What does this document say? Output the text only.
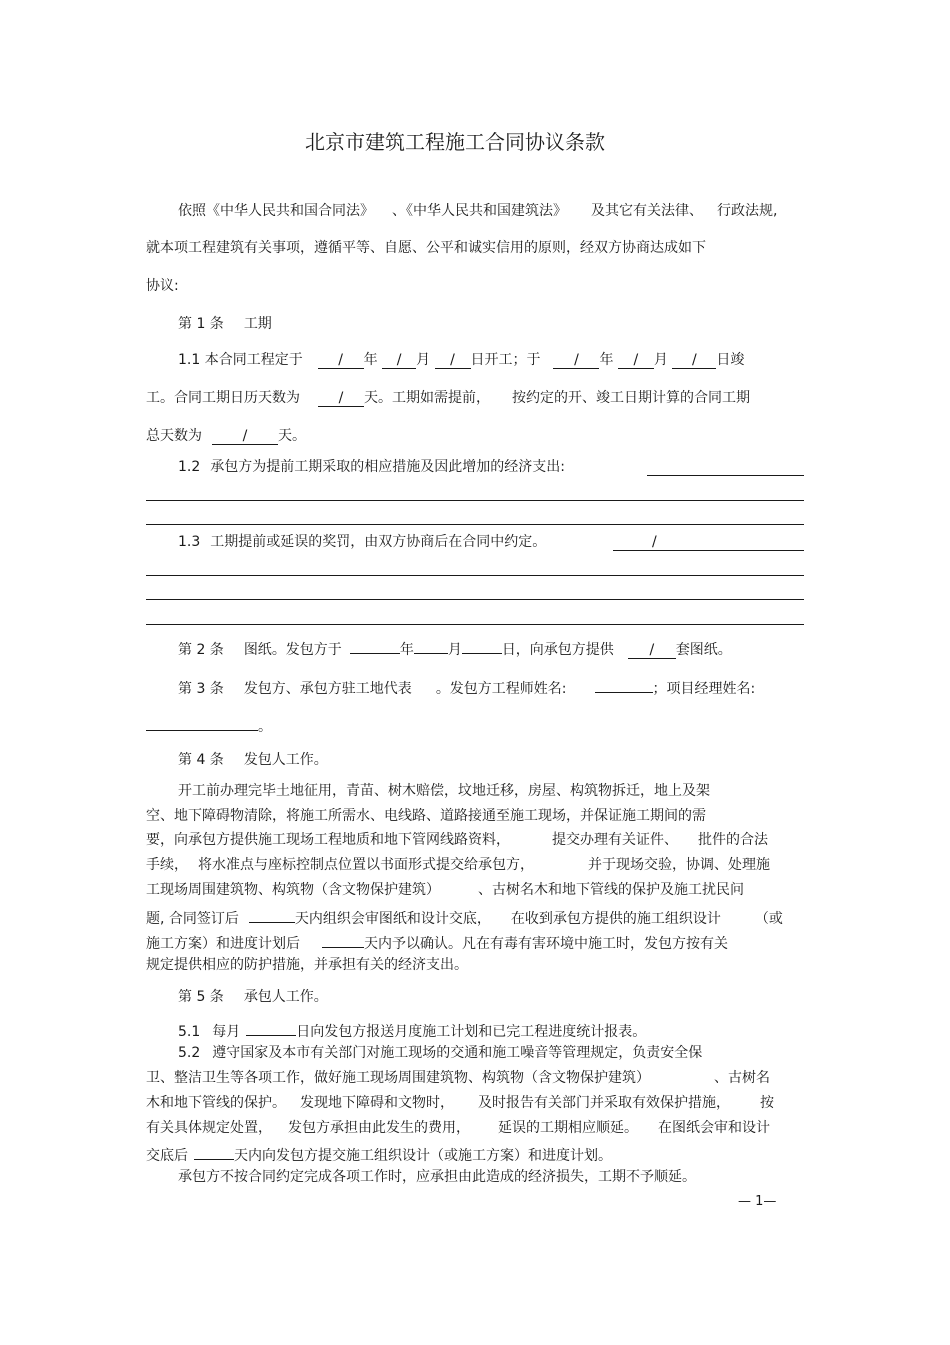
北京市建筑工程施工合同协议条款
依照《中华人民共和国合同法》 、《中华人民共和国建筑法》 及其它有关法律、 行政法规,
就本项工程建筑有关事项，遵循平等、自愿、公平和诚实信用的原则，经双方协商达成如下
协议:
第 1 条 工期
1.1 本合同工程定于	/ 年 / 月 / 日开工；于 / 年 / 月 / 日竣
工。合同工期日历天数为	/ 天。工期如需提前， 按约定的开、竣工日期计算的合同工期
总天数为	/ 天。
1.2 承包方为提前工期采取的相应措施及因此增加的经济支出:
1.3 工期提前或延误的奖罚，由双方协商后在合同中约定。	/
第 2 条 图纸。发包方于	年 月	日，向承包方提供	/ 套图纸。
第 3 条 发包方、承包方驻工地代表 。发包方工程师姓名:	；项目经理姓名:
。
第 4 条 发包人工作。
开工前办理完毕土地征用，青苗、树木赔偿，坟地迁移，房屋、构筑物拆迁，地上及架
空、地下障碍物清除，将施工所需水、电线路、道路接通至施工现场，并保证施工期间的需
要，向承包方提供施工现场工程地质和地下管网线路资料，	提交办理有关证件、 批件的合法
手续， 将水准点与座标控制点位置以书面形式提交给承包方，	并于现场交验，协调、处理施
工现场周围建筑物、构筑物（含文物保护建筑）	、古树名木和地下管线的保护及施工扰民问
题, 合同签订后	天内组织会审图纸和设计交底， 在收到承包方提供的施工组织设计 （或
施工方案）和进度计划后	天内予以确认。凡在有毒有害环境中施工时，发包方按有关
规定提供相应的防护措施，并承担有关的经济支出。
第 5 条 承包人工作。
5.1 每月	日向发包方报送月度施工计划和已完工程进度统计报表。
5.2 遵守国家及本市有关部门对施工现场的交通和施工噪音等管理规定，负责安全保
卫、整洁卫生等各项工作，做好施工现场周围建筑物、构筑物（含文物保护建筑）	、古树名
木和地下管线的保护。 发现地下障碍和文物时， 及时报告有关部门并采取有效保护措施， 按
有关具体规定处置， 发包方承担由此发生的费用， 延误的工期相应顺延。 在图纸会审和设计
交底后	天内向发包方提交施工组织设计（或施工方案）和进度计划。
承包方不按合同约定完成各项工作时，应承担由此造成的经济损失，工期不予顺延。
— 1—
